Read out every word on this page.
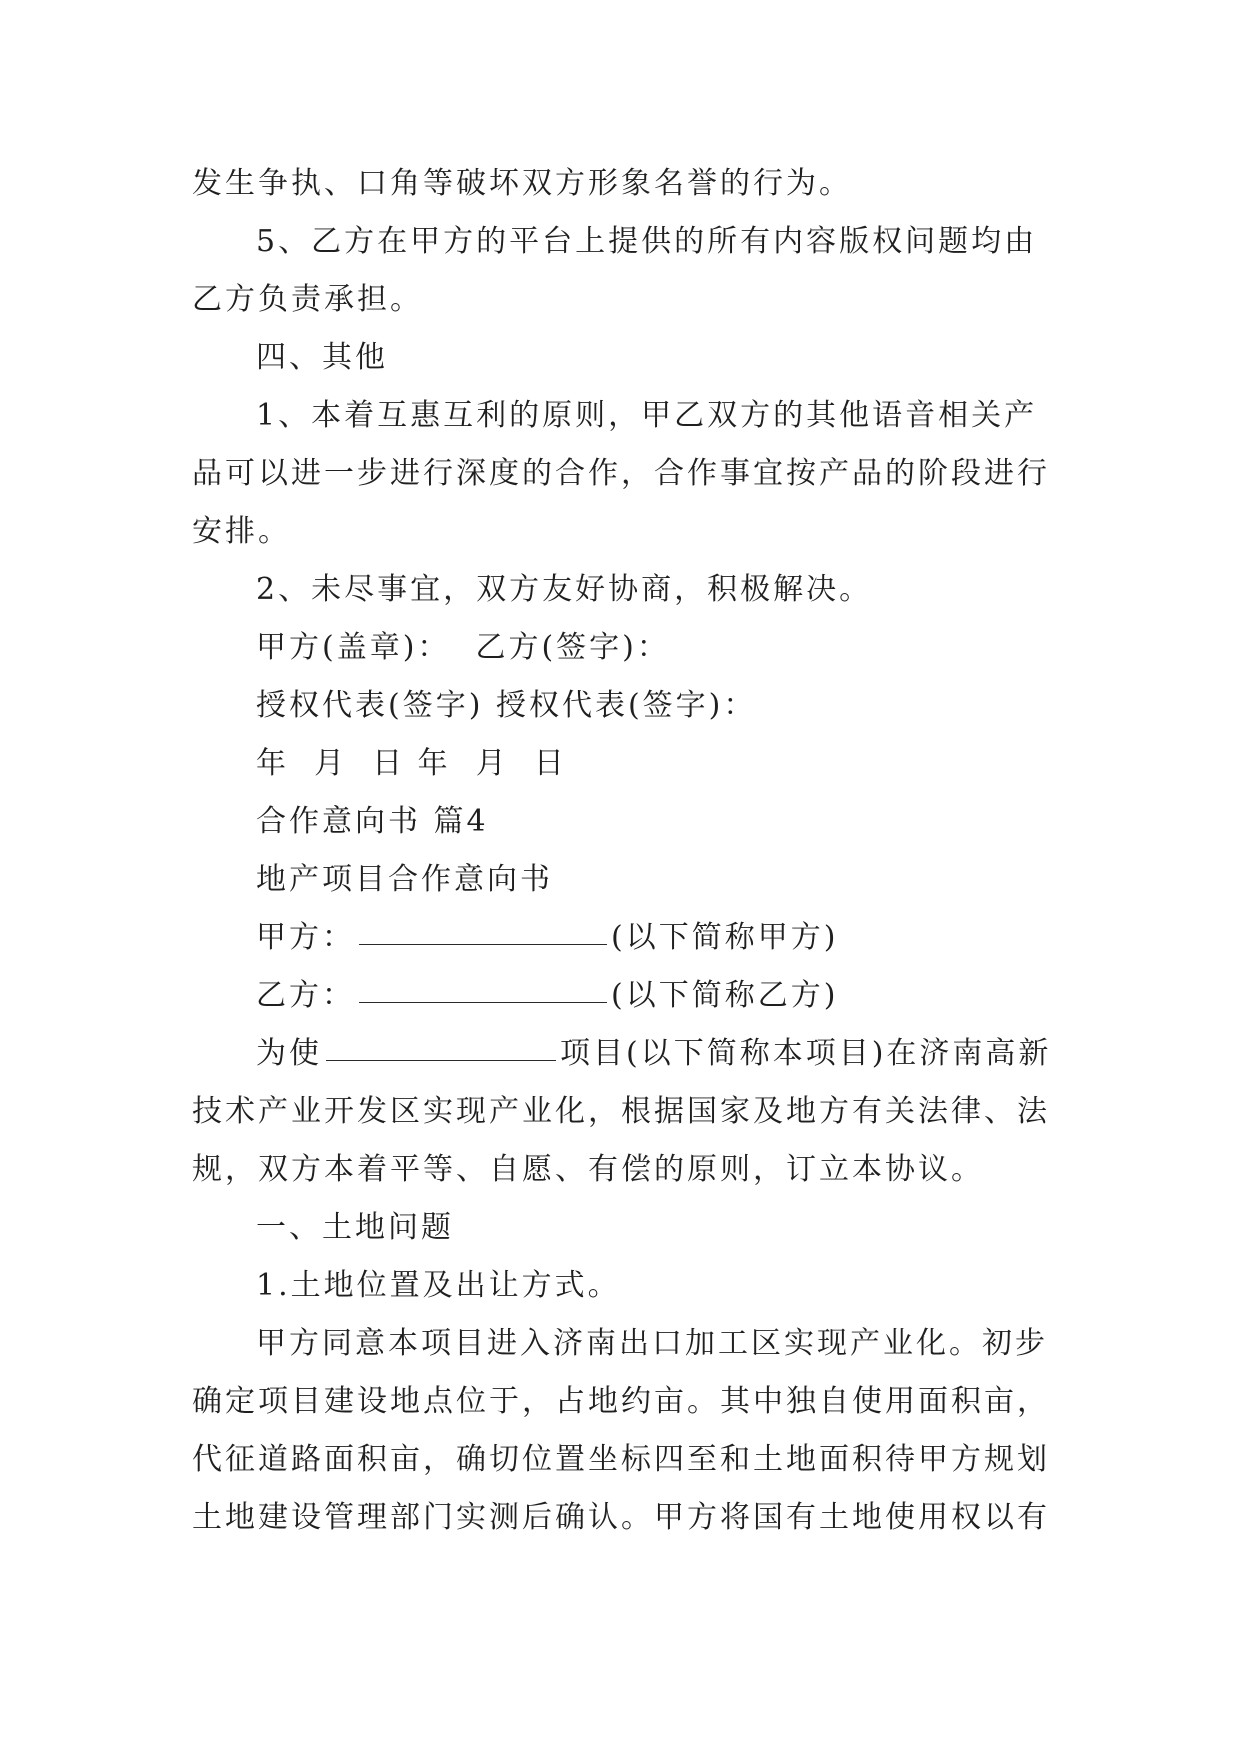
发生争执、口角等破坏双方形象名誉的行为。

5、乙方在甲方的平台上提供的所有内容版权问题均由乙方负责承担。

四、其他

1、本着互惠互利的原则，甲乙双方的其他语音相关产品可以进一步进行深度的合作，合作事宜按产品的阶段进行安排。

2、未尽事宜，双方友好协商，积极解决。

甲方(盖章)：  乙方(签字)：
授权代表(签字) 授权代表(签字)：
年  月  日 年  月  日
合作意向书 篇4
地产项目合作意向书
甲方：	(以下简称甲方)
乙方：	(以下简称乙方)

为使	项目(以下简称本项目)在济南高新技术产业开发区实现产业化，根据国家及地方有关法律、法规，双方本着平等、自愿、有偿的原则，订立本协议。

一、土地问题

1.土地位置及出让方式。

甲方同意本项目进入济南出口加工区实现产业化。初步确定项目建设地点位于，占地约亩。其中独自使用面积亩，代征道路面积亩，确切位置坐标四至和土地面积待甲方规划土地建设管理部门实测后确认。甲方将国有土地使用权以有
